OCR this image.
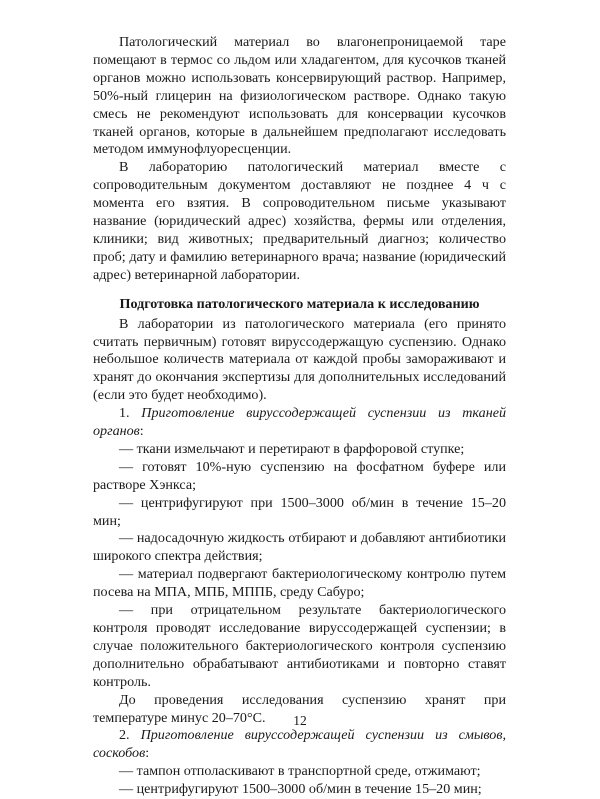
Патологический материал во влагонепроницаемой таре помещают в термос со льдом или хладагентом, для кусочков тканей органов можно использовать консервирующий раствор. Например, 50%-ный глицерин на физиологическом растворе. Однако такую смесь не рекомендуют использовать для консервации кусочков тканей органов, которые в дальнейшем предполагают исследовать методом иммунофлуоресценции.

В лабораторию патологический материал вместе с сопроводительным документом доставляют не позднее 4 ч с момента его взятия. В сопроводительном письме указывают название (юридический адрес) хозяйства, фермы или отделения, клиники; вид животных; предварительный диагноз; количество проб; дату и фамилию ветеринарного врача; название (юридический адрес) ветеринарной лаборатории.

Подготовка патологического материала к исследованию

В лаборатории из патологического материала (его принято считать первичным) готовят вируссодержащую суспензию. Однако небольшое количеств материала от каждой пробы замораживают и хранят до окончания экспертизы для дополнительных исследований (если это будет необходимо).

1. Приготовление вируссодержащей суспензии из тканей органов:

— ткани измельчают и перетирают в фарфоровой ступке;

— готовят 10%-ную суспензию на фосфатном буфере или растворе Хэнкса;

— центрифугируют при 1500–3000 об/мин в течение 15–20 мин;

— надосадочную жидкость отбирают и добавляют антибиотики широкого спектра действия;

— материал подвергают бактериологическому контролю путем посева на МПА, МПБ, МППБ, среду Сабуро;

— при отрицательном результате бактериологического контроля проводят исследование вируссодержащей суспензии; в случае положительного бактериологического контроля суспензию дополнительно обрабатывают антибиотиками и повторно ставят контроль.

До проведения исследования суспензию хранят при температуре минус 20–70°С.

2. Приготовление вируссодержащей суспензии из смывов, соскобов:

— тампон отполаскивают в транспортной среде, отжимают;

— центрифугируют 1500–3000 об/мин в течение 15–20 мин;

12
